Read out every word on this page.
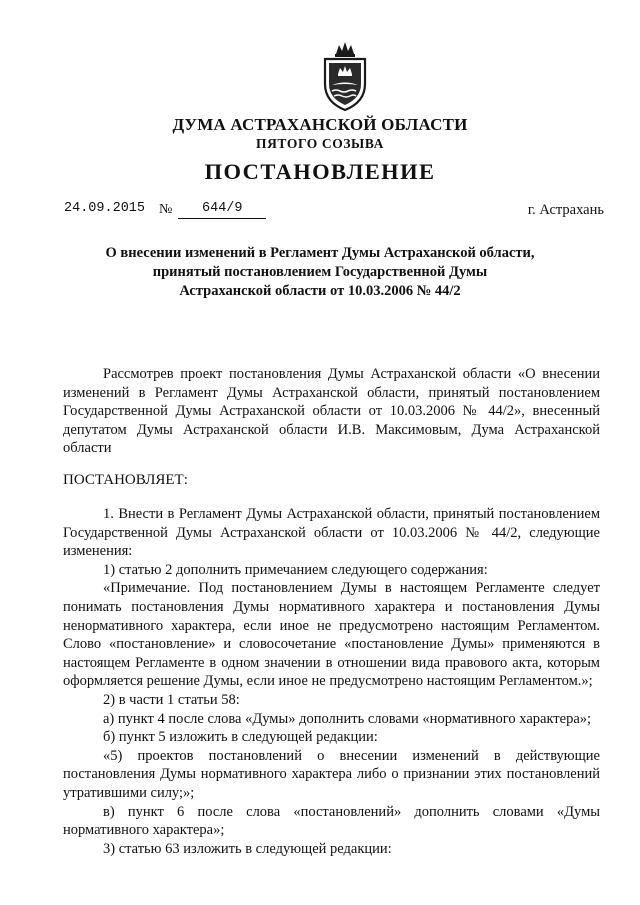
ДУМА АСТРАХАНСКОЙ ОБЛАСТИ
ПЯТОГО СОЗЫВА
ПОСТАНОВЛЕНИЕ
24.09.2015 №	644/9	г. Астрахань
О внесении изменений в Регламент Думы Астраханской области,
принятый постановлением Государственной Думы
Астраханской области от 10.03.2006 № 44/2
Рассмотрев проект постановления Думы Астраханской области «О внесении изменений в Регламент Думы Астраханской области, принятый постановлением Государственной Думы Астраханской области от 10.03.2006 № 44/2», внесенный депутатом Думы Астраханской области И.В. Максимовым, Дума Астраханской области
ПОСТАНОВЛЯЕТ:

1. Внести в Регламент Думы Астраханской области, принятый постановлением Государственной Думы Астраханской области от 10.03.2006 № 44/2, следующие изменения:

1) статью 2 дополнить примечанием следующего содержания:

«Примечание. Под постановлением Думы в настоящем Регламенте следует понимать постановления Думы нормативного характера и постановления Думы ненормативного характера, если иное не предусмотрено настоящим Регламентом. Слово «постановление» и словосочетание «постановление Думы» применяются в настоящем Регламенте в одном значении в отношении вида правового акта, которым оформляется решение Думы, если иное не предусмотрено настоящим Регламентом.»;

2) в части 1 статьи 58:

а) пункт 4 после слова «Думы» дополнить словами «нормативного характера»;

б) пункт 5 изложить в следующей редакции:

«5) проектов постановлений о внесении изменений в действующие постановления Думы нормативного характера либо о признании этих постановлений утратившими силу;»;

в) пункт 6 после слова «постановлений» дополнить словами «Думы нормативного характера»;

3) статью 63 изложить в следующей редакции:
